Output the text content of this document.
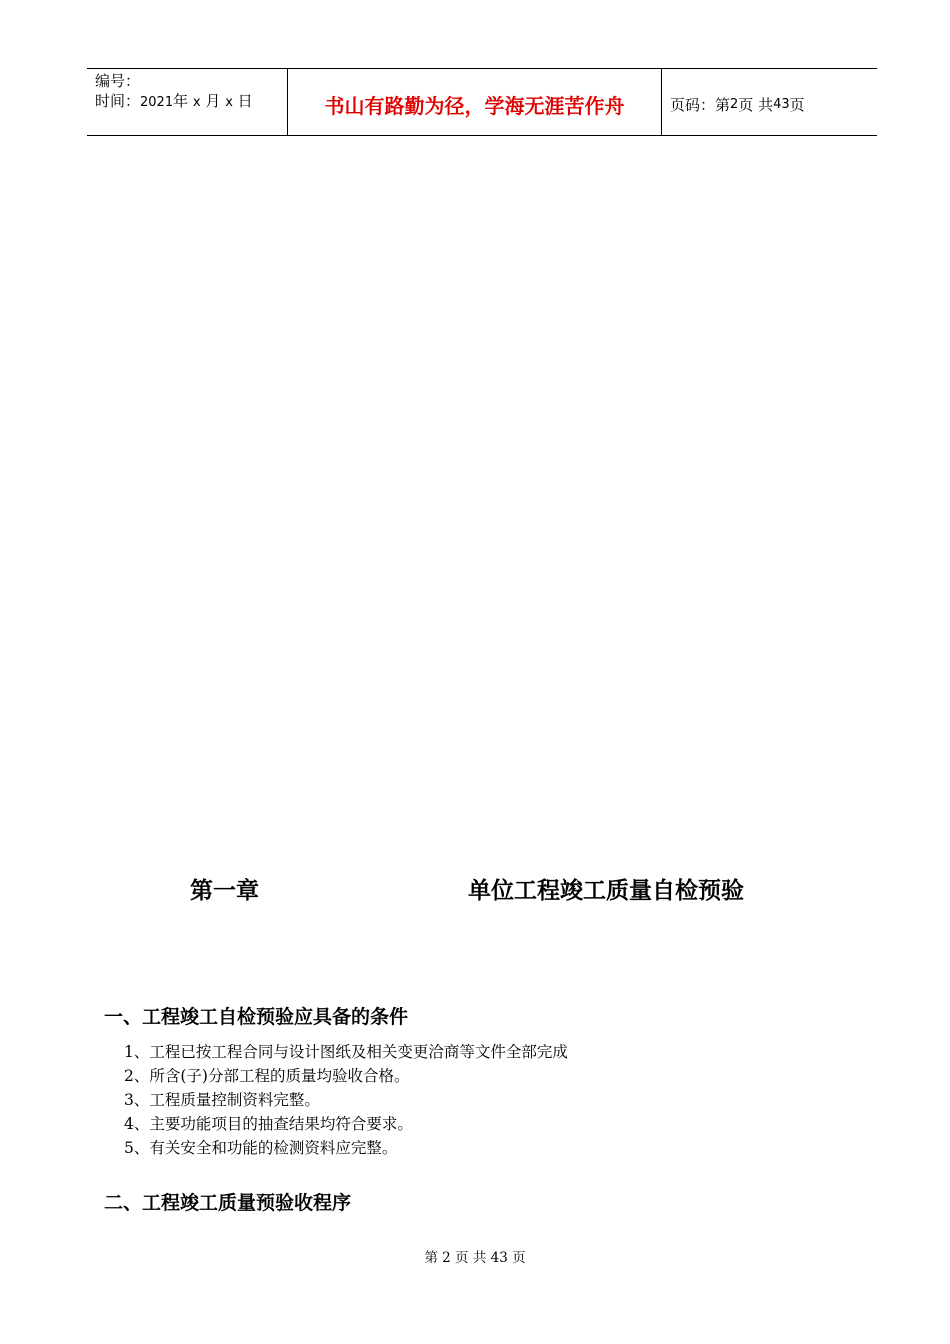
编号：
时间：2021年 x 月 x 日	书山有路勤为径，学海无涯苦作舟	页码：第 2 页 共 43 页
第一章	单位工程竣工质量自检预验
一、工程竣工自检预验应具备的条件
1、工程已按工程合同与设计图纸及相关变更洽商等文件全部完成
2、所含(子)分部工程的质量均验收合格。
3、工程质量控制资料完整。
4、主要功能项目的抽查结果均符合要求。
5、有关安全和功能的检测资料应完整。
二、工程竣工质量预验收程序
第 2 页 共 43 页
